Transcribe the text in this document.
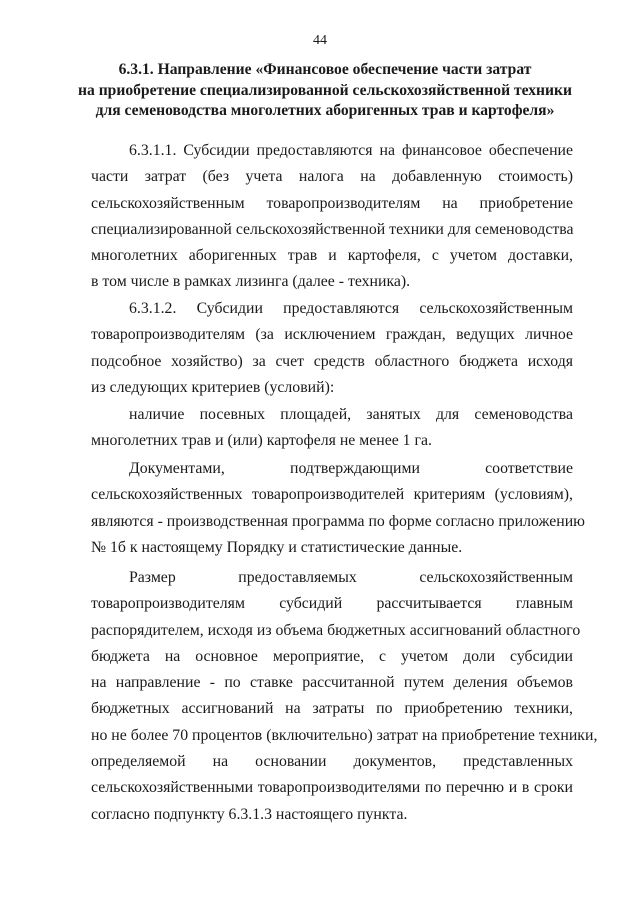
44
6.3.1. Направление «Финансовое обеспечение части затрат
на приобретение специализированной сельскохозяйственной техники
для семеноводства многолетних аборигенных трав и картофеля»
6.3.1.1. Субсидии предоставляются на финансовое обеспечение
части затрат (без учета налога на добавленную стоимость)
сельскохозяйственным товаропроизводителям на приобретение
специализированной сельскохозяйственной техники для семеноводства
многолетних аборигенных трав и картофеля, с учетом доставки,
в том числе в рамках лизинга (далее - техника).
6.3.1.2. Субсидии предоставляются сельскохозяйственным
товаропроизводителям (за исключением граждан, ведущих личное
подсобное хозяйство) за счет средств областного бюджета исходя
из следующих критериев (условий):
наличие посевных площадей, занятых для семеноводства
многолетних трав и (или) картофеля не менее 1 га.
Документами, подтверждающими соответствие
сельскохозяйственных товаропроизводителей критериям (условиям),
являются - производственная программа по форме согласно приложению
№ 1б к настоящему Порядку и статистические данные.
Размер предоставляемых сельскохозяйственным
товаропроизводителям субсидий рассчитывается главным
распорядителем, исходя из объема бюджетных ассигнований областного
бюджета на основное мероприятие, с учетом доли субсидии
на направление - по ставке рассчитанной путем деления объемов
бюджетных ассигнований на затраты по приобретению техники,
но не более 70 процентов (включительно) затрат на приобретение техники,
определяемой на основании документов, представленных
сельскохозяйственными товаропроизводителями по перечню и в сроки
согласно подпункту 6.3.1.3 настоящего пункта.
